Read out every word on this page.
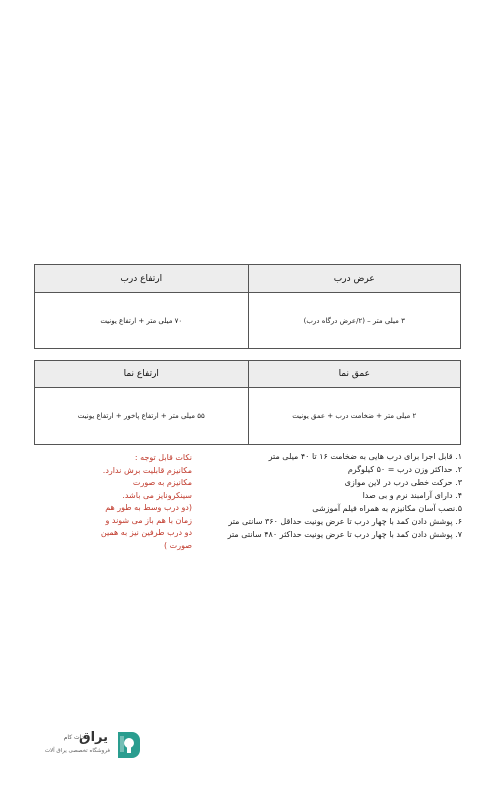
عرض درب
ارتفاع درب
۳ میلی متر – (۲/عرض درگاه درب)
۷۰ میلی متر + ارتفاع یونیت
عمق نما
ارتفاع نما
۲ میلی متر + ضخامت درب + عمق یونیت
۵۵ میلی متر + ارتفاع پاخور + ارتفاع یونیت
۱. قابل اجرا برای درب هایی به ضخامت ۱۶ تا ۴۰ میلی متر
۲. حداکثر وزن درب = ۵۰ کیلوگرم
۳. حرکت خطی درب در لاین موازی
۴. دارای آرامبند نرم و بی صدا
۵.نصب آسان مکانیزم به همراه فیلم آموزشی
۶. پوشش دادن کمد با چهار درب تا عرض یونیت حداقل ۳۶۰ سانتی متر
۷. پوشش دادن کمد با چهار درب تا عرض یونیت حداکثر ۴۸۰ سانتی متر
نکات قابل توجه :
مکانیزم قابلیت برش ندارد.
مکانیزم به صورت سینکرونایز می باشد.
(دو درب وسط به طور هم زمان با هم باز می شوند و دو درب طرفین نیز به همین صورت )
یراق
دات کام
فروشگاه تخصصی یراق آلات
